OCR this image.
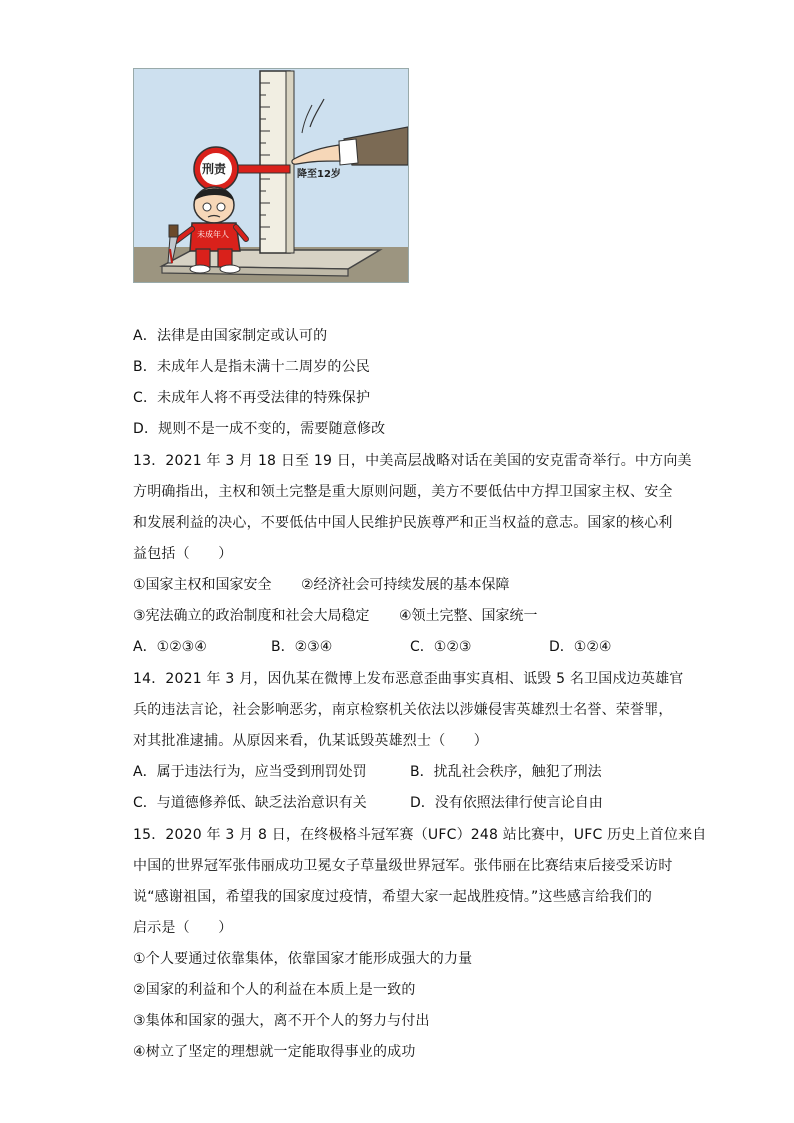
刑责	降至12岁
未成年人
A．法律是由国家制定或认可的
B．未成年人是指未满十二周岁的公民
C．未成年人将不再受法律的特殊保护
D．规则不是一成不变的，需要随意修改
13．2021 年 3 月 18 日至 19 日，中美高层战略对话在美国的安克雷奇举行。中方向美
方明确指出，主权和领土完整是重大原则问题，美方不要低估中方捍卫国家主权、安全
和发展利益的决心，不要低估中国人民维护民族尊严和正当权益的意志。国家的核心利
益包括（　　）
①国家主权和国家安全 ②经济社会可持续发展的基本保障
③宪法确立的政治制度和社会大局稳定 ④领土完整、国家统一
A．①②③④	B．②③④	C．①②③	D．①②④
14．2021 年 3 月，因仇某在微博上发布恶意歪曲事实真相、诋毁 5 名卫国戍边英雄官
兵的违法言论，社会影响恶劣，南京检察机关依法以涉嫌侵害英雄烈士名誉、荣誉罪，
对其批准逮捕。从原因来看，仇某诋毁英雄烈士（　　）
A．属于违法行为，应当受到刑罚处罚	B．扰乱社会秩序，触犯了刑法
C．与道德修养低、缺乏法治意识有关	D．没有依照法律行使言论自由
15．2020 年 3 月 8 日，在终极格斗冠军赛（UFC）248 站比赛中，UFC 历史上首位来自
中国的世界冠军张伟丽成功卫冕女子草量级世界冠军。张伟丽在比赛结束后接受采访时
说“感谢祖国，希望我的国家度过疫情，希望大家一起战胜疫情。”这些感言给我们的
启示是（　　）
①个人要通过依靠集体，依靠国家才能形成强大的力量
②国家的利益和个人的利益在本质上是一致的
③集体和国家的强大，离不开个人的努力与付出
④树立了坚定的理想就一定能取得事业的成功
